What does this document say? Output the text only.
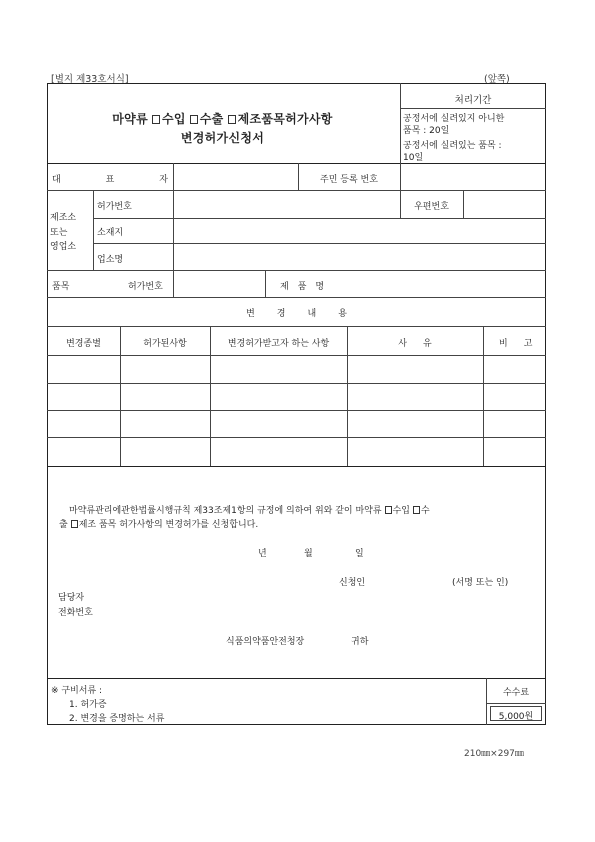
[별지 제33호서식]	(앞쪽)
마약류 수입 수출 제조품목허가사항
변경허가신청서
처리기간
공정서에 실려있지 아니한
품목 : 20일
공정서에 실려있는 품목 :
10일
대 표 자	주민 등록 번호
제조소
또는
영업소
허가번호	우편번호
소재지
업소명
품목	허가번호	제품명
변경내용
변경종별	허가된사항	변경허가받고자 하는 사항	사유	비고
마약류관리에관한법률시행규칙 제33조제1항의 규정에 의하여 위와 같이 마약류 수입 수
출 제조 품목 허가사항의 변경허가를 신청합니다.
년	월	일
신청인	(서명 또는 인)
담당자
전화번호
식품의약품안전청장	귀하
※ 구비서류 :
1. 허가증
2. 변경을 증명하는 서류
수수료
5,000원
210㎜×297㎜
